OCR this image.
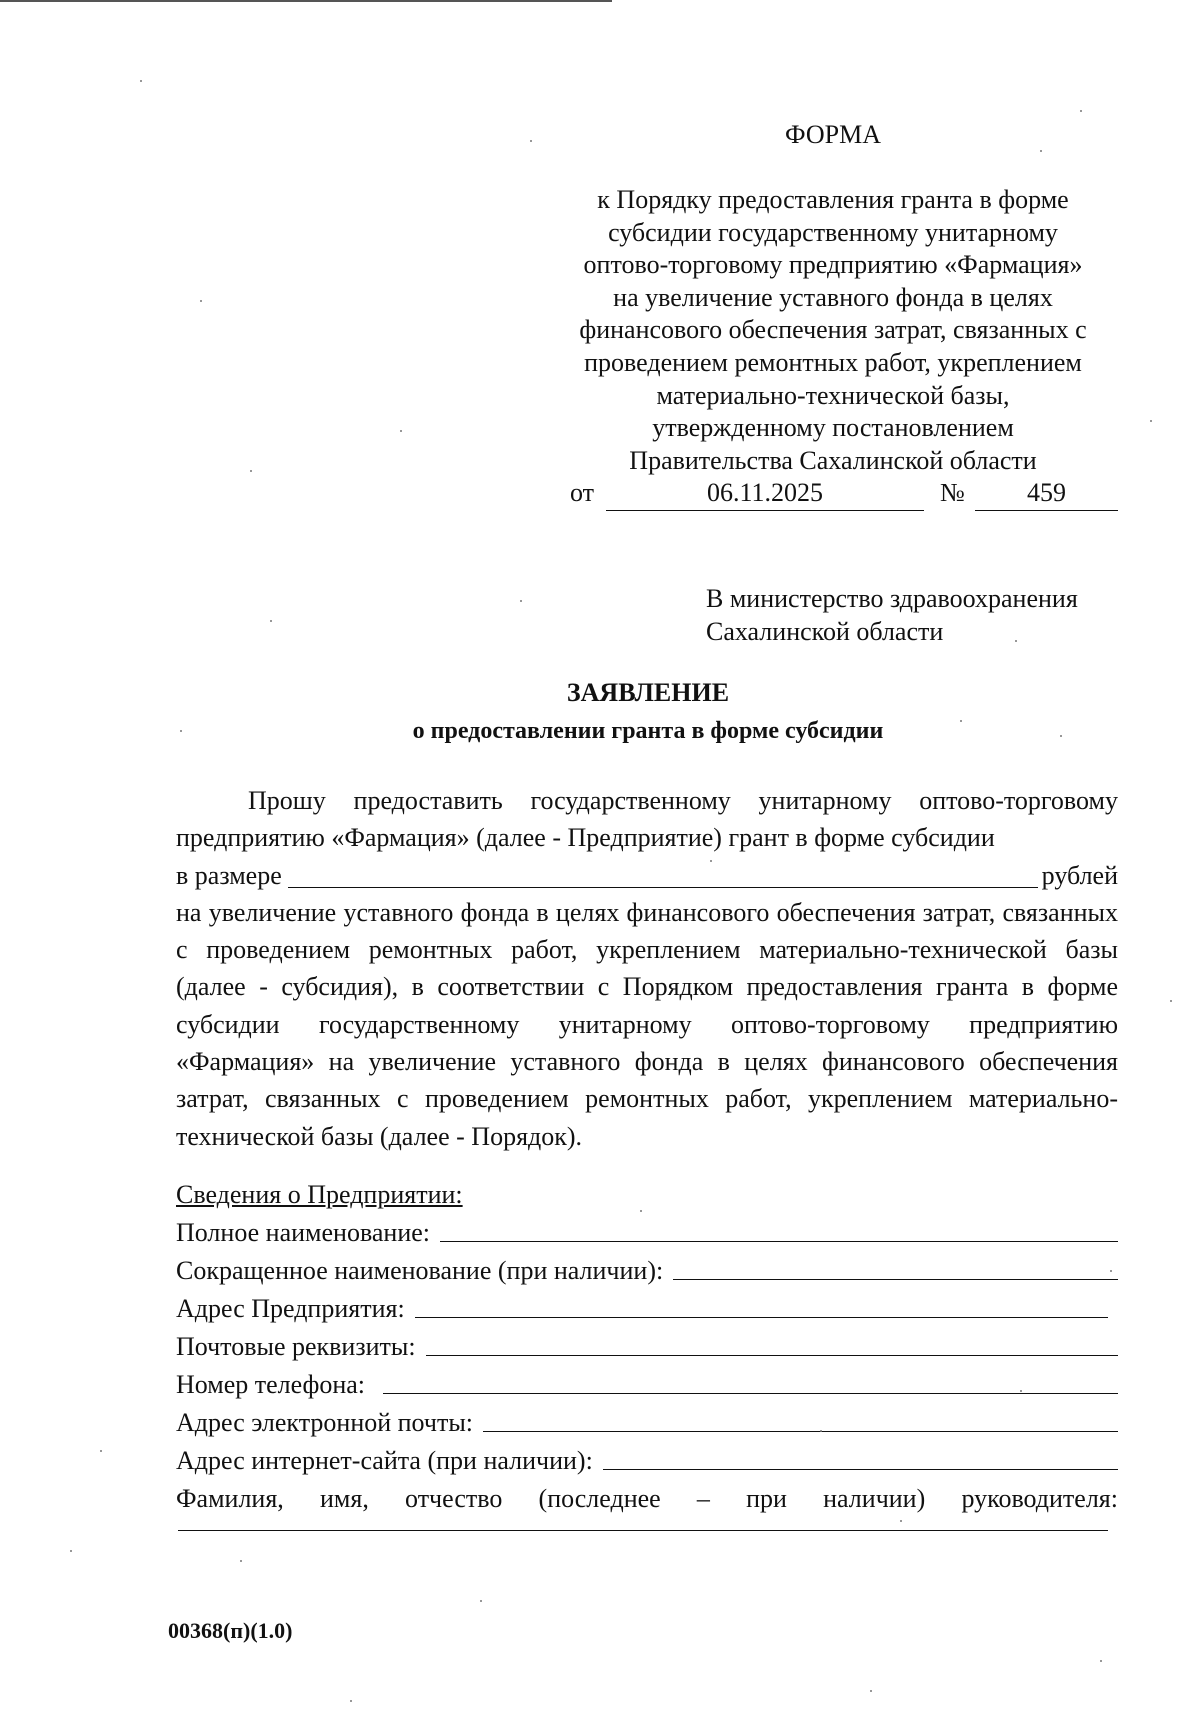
ФОРМА
к Порядку предоставления гранта в форме
субсидии государственному унитарному
оптово-торговому предприятию «Фармация»
на увеличение уставного фонда в целях
финансового обеспечения затрат, связанных с
проведением ремонтных работ, укреплением
материально-технической базы,
утвержденному постановлением
Правительства Сахалинской области
от	06.11.2025	№	459
В министерство здравоохранения
Сахалинской области
ЗАЯВЛЕНИЕ
о предоставлении гранта в форме субсидии

Прошу предоставить государственному унитарному оптово-торговому предприятию «Фармация» (далее - Предприятие) грант в форме субсидии

в размере	рублей

на увеличение уставного фонда в целях финансового обеспечения затрат, связанных с проведением ремонтных работ, укреплением материально-технической базы (далее - субсидия), в соответствии с Порядком предоставления гранта в форме субсидии государственному унитарному оптово-торговому предприятию «Фармация» на увеличение уставного фонда в целях финансового обеспечения затрат, связанных с проведением ремонтных работ, укреплением материально-технической базы (далее - Порядок).

Сведения о Предприятии:
Полное наименование:
Сокращенное наименование (при наличии):
Адрес Предприятия:
Почтовые реквизиты:
Номер телефона:
Адрес электронной почты:
Адрес интернет-сайта (при наличии):
Фамилия, имя, отчество (последнее – при наличии) руководителя:
00368(п)(1.0)
